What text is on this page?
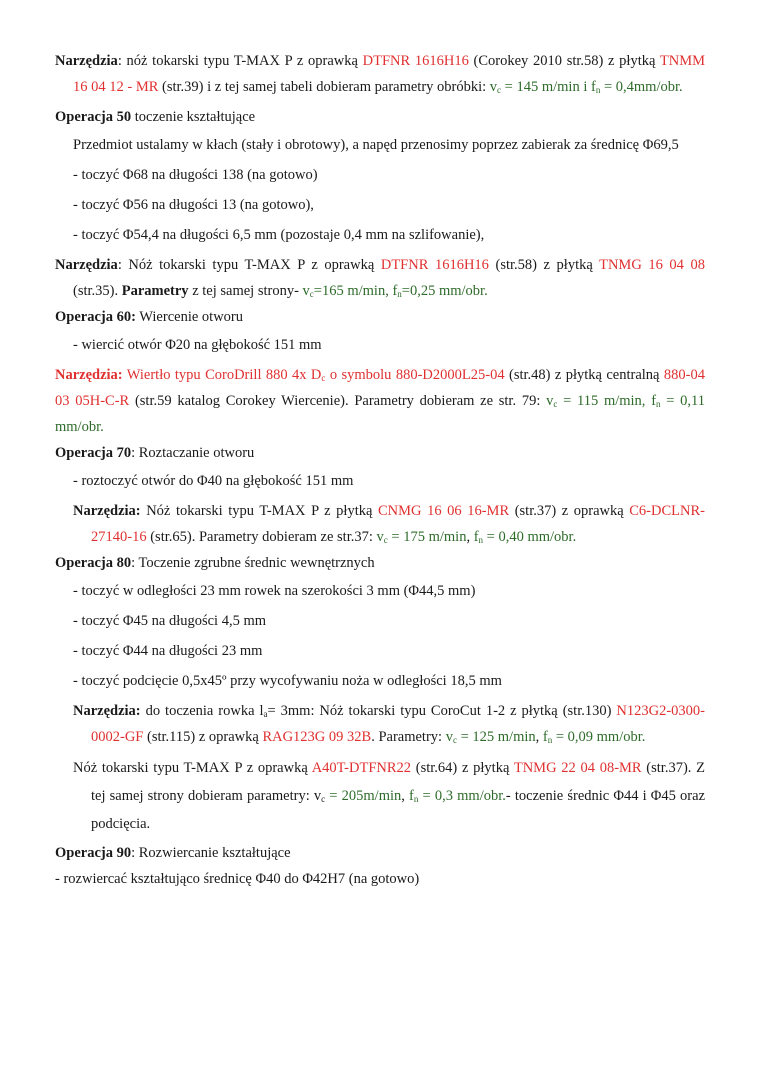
Narzędzia: nóż tokarski typu T-MAX P z oprawką DTFNR 1616H16 (Corokey 2010 str.58) z płytką TNMM 16 04 12 - MR (str.39) i z tej samej tabeli dobieram parametry obróbki: $v_c = 145$ m/min i $f_n = 0,4mm/obr$.

Operacja 50 toczenie kształtujące

Przedmiot ustalamy w kłach (stały i obrotowy), a napęd przenosimy poprzez zabierak za średnicę Φ69,5

- toczyć Φ68 na długości 138 (na gotowo)

- toczyć Φ56 na długości 13 (na gotowo),

- toczyć Φ54,4 na długości 6,5 mm (pozostaje 0,4 mm na szlifowanie),

Narzędzia: Nóż tokarski typu T-MAX P z oprawką DTFNR 1616H16 (str.58) z płytką TNMG 16 04 08 (str.35). Parametry z tej samej strony- $v_c=165$ m/min, $f_n=0,25$ mm/obr.

Operacja 60: Wiercenie otworu

- wiercić otwór Φ20 na głębokość 151 mm

Narzędzia: Wiertło typu CoroDrill 880 4x $D_c$ o symbolu 880-D2000L25-04 (str.48) z płytką centralną 880-04 03 05H-C-R (str.59 katalog Corokey Wiercenie). Parametry dobieram ze str. 79: $v_c = 115$ m/min, $f_n = 0,11$ mm/obr.

Operacja 70: Roztaczanie otworu

- roztoczyć otwór do Φ40 na głębokość 151 mm

Narzędzia: Nóż tokarski typu T-MAX P z płytką CNMG 16 06 16-MR (str.37) z oprawką C6-DCLNR-27140-16 (str.65). Parametry dobieram ze str.37: $v_c = 175$ m/min, $f_n = 0,40$ mm/obr.

Operacja 80: Toczenie zgrubne średnic wewnętrznych

- toczyć w odległości 23 mm rowek na szerokości 3 mm (Φ44,5 mm)

- toczyć Φ45 na długości 4,5 mm

- toczyć Φ44 na długości 23 mm

- toczyć podcięcie 0,5x45º przy wycofywaniu noża w odległości 18,5 mm

Narzędzia: do toczenia rowka $l_a= 3mm$: Nóż tokarski typu CoroCut 1-2 z płytką (str.130) N123G2-0300-0002-GF (str.115) z oprawką RAG123G 09 32B. Parametry: $v_c = 125$ m/min, $f_n = 0,09$ mm/obr.

Nóż tokarski typu T-MAX P z oprawką A40T-DTFNR22 (str.64) z płytką TNMG 22 04 08-MR (str.37). Z tej samej strony dobieram parametry: $v_c = 205m/\min$, $f_n = 0,3$ mm/obr.- toczenie średnic Φ44 i Φ45 oraz podcięcia.

Operacja 90: Rozwiercanie kształtujące

- rozwiercać kształtująco średnicę Φ40 do Φ42H7 (na gotowo)
